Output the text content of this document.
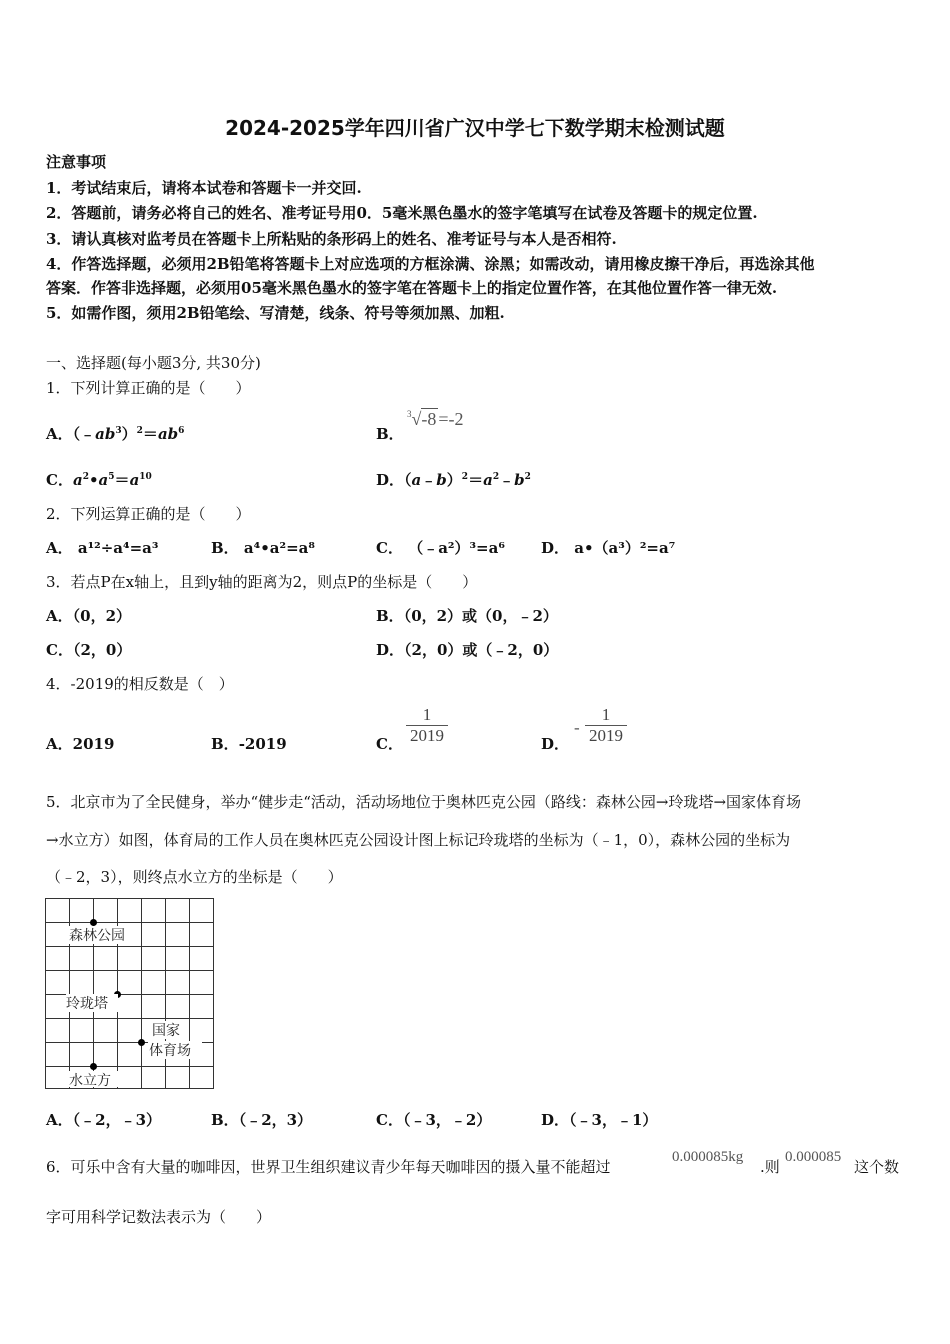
2024-2025学年四川省广汉中学七下数学期末检测试题
注意事项
1．考试结束后，请将本试卷和答题卡一并交回.
2．答题前，请务必将自己的姓名、准考证号用0．5毫米黑色墨水的签字笔填写在试卷及答题卡的规定位置.
3．请认真核对监考员在答题卡上所粘贴的条形码上的姓名、准考证号与本人是否相符.
4．作答选择题，必须用2B铅笔将答题卡上对应选项的方框涂满、涂黑；如需改动，请用橡皮擦干净后，再选涂其他
答案．作答非选择题，必须用05毫米黑色墨水的签字笔在答题卡上的指定位置作答，在其他位置作答一律无效.
5．如需作图，须用2B铅笔绘、写清楚，线条、符号等须加黑、加粗.
一、选择题(每小题3分, 共30分)
1．下列计算正确的是（　　）
A．$(﹣ab^3)^2=ab^6$	B．
$^3$√-8 =-2
C．$a^2•a^5=a^{10}$	D．$(a﹣b)^2=a^2﹣b^2$
2．下列运算正确的是（　　）
A． a¹²÷a⁴=a³	B． a⁴•a²=a⁸	C． （﹣a²）³=a⁶ D． a•（a³）²=a⁷
3．若点P在x轴上，且到y轴的距离为2，则点P的坐标是（　　）
A．（0，2）	B．（0，2）或（0，﹣2）
C．（2，0）	D．（2，0）或（﹣2，0）
4．-2019的相反数是（　）
A．2019	B．-2019	C． $\frac{1}{2019}$	D．
- $\frac{1}{2019}$
5．北京市为了全民健身，举办“健步走“活动，活动场地位于奥林匹克公园（路线：森林公园→玲珑塔→国家体育场
→水立方）如图，体育局的工作人员在奥林匹克公园设计图上标记玲珑塔的坐标为（﹣1，0），森林公园的坐标为
（﹣2，3），则终点水立方的坐标是（　　）
森林公园
玲珑塔
国家
体育场
水立方
A．（﹣2，﹣3）	B．（﹣2，3）	C．（﹣3，﹣2）	D．（﹣3，﹣1）
6．可乐中含有大量的咖啡因，世界卫生组织建议青少年每天咖啡因的摄入量不能超过
0.000085kg
.则
0.000085
这个数
字可用科学记数法表示为（　　）
